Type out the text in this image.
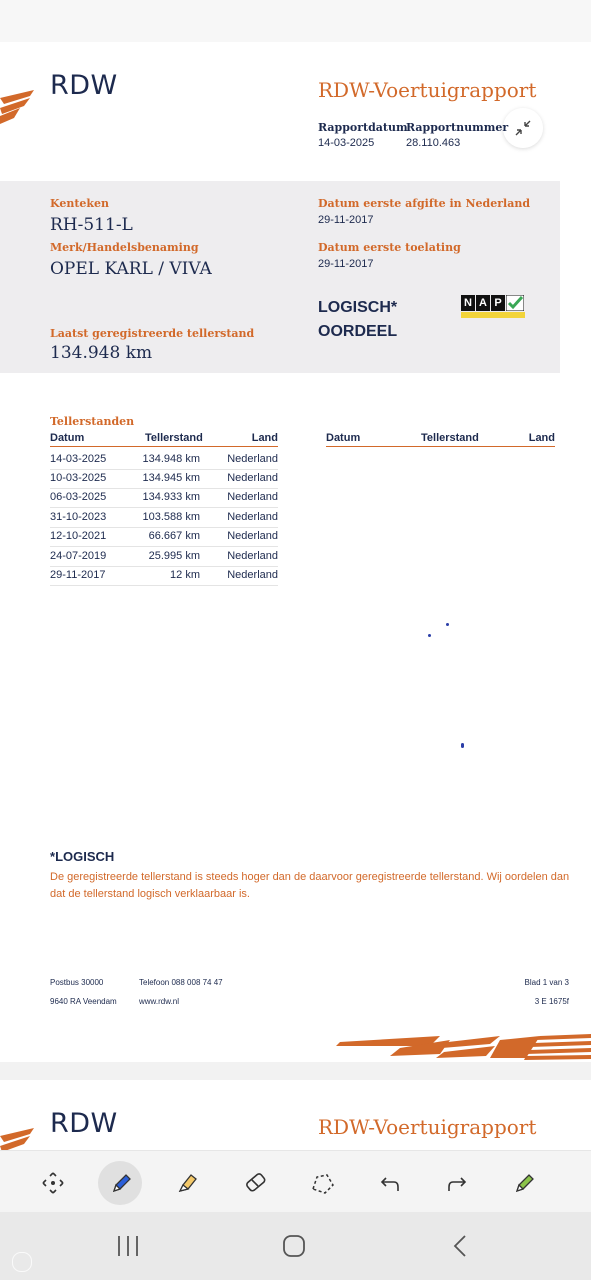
RDW	RDW-Voertuigrapport
Rapportdatum
14-03-2025
Rapportnummer
28.110.463
Kenteken
RH-511-L
Merk/Handelsbenaming
OPEL KARL / VIVA
Datum eerste afgifte in Nederland
29-11-2017
Datum eerste toelating
29-11-2017
LOGISCH*
OORDEEL
N A P
Laatst geregistreerde tellerstand
134.948 km
Tellerstanden
Datum	Tellerstand	Land	Datum	Tellerstand	Land
14-03-2025	134.948 km Nederland
10-03-2025	134.945 km Nederland
06-03-2025	134.933 km Nederland
31-10-2023	103.588 km Nederland
12-10-2021	66.667 km Nederland
24-07-2019	25.995 km Nederland
29-11-2017	12 km Nederland
*LOGISCH
De geregistreerde tellerstand is steeds hoger dan de daarvoor geregistreerde tellerstand. Wij oordelen dan dat de tellerstand logisch verklaarbaar is.
Postbus 30000	Telefoon 088 008 74 47	Blad 1 van 3
9640 RA Veendam	www.rdw.nl	3 E 1675f
RDW	RDW-Voertuigrapport
